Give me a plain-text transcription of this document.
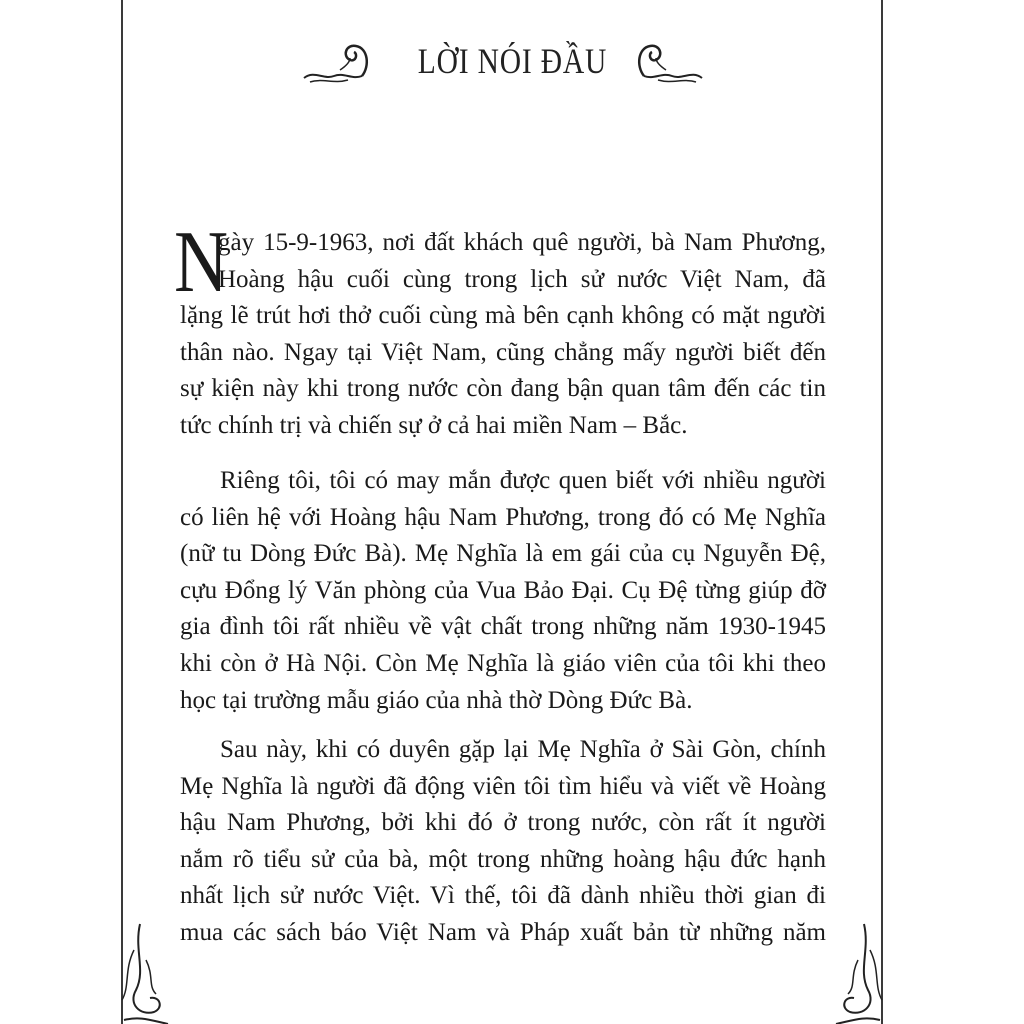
LỜI NÓI ĐẦU
N
gày 15-9-1963, nơi đất khách quê người, bà Nam Phương,
Hoàng hậu cuối cùng trong lịch sử nước Việt Nam, đã
lặng lẽ trút hơi thở cuối cùng mà bên cạnh không có mặt người
thân nào. Ngay tại Việt Nam, cũng chẳng mấy người biết đến
sự kiện này khi trong nước còn đang bận quan tâm đến các tin
tức chính trị và chiến sự ở cả hai miền Nam – Bắc.
Riêng tôi, tôi có may mắn được quen biết với nhiều người
có liên hệ với Hoàng hậu Nam Phương, trong đó có Mẹ Nghĩa
(nữ tu Dòng Đức Bà). Mẹ Nghĩa là em gái của cụ Nguyễn Đệ,
cựu Đổng lý Văn phòng của Vua Bảo Đại. Cụ Đệ từng giúp đỡ
gia đình tôi rất nhiều về vật chất trong những năm 1930-1945
khi còn ở Hà Nội. Còn Mẹ Nghĩa là giáo viên của tôi khi theo
học tại trường mẫu giáo của nhà thờ Dòng Đức Bà.
Sau này, khi có duyên gặp lại Mẹ Nghĩa ở Sài Gòn, chính
Mẹ Nghĩa là người đã động viên tôi tìm hiểu và viết về Hoàng
hậu Nam Phương, bởi khi đó ở trong nước, còn rất ít người
nắm rõ tiểu sử của bà, một trong những hoàng hậu đức hạnh
nhất lịch sử nước Việt. Vì thế, tôi đã dành nhiều thời gian đi
mua các sách báo Việt Nam và Pháp xuất bản từ những năm
